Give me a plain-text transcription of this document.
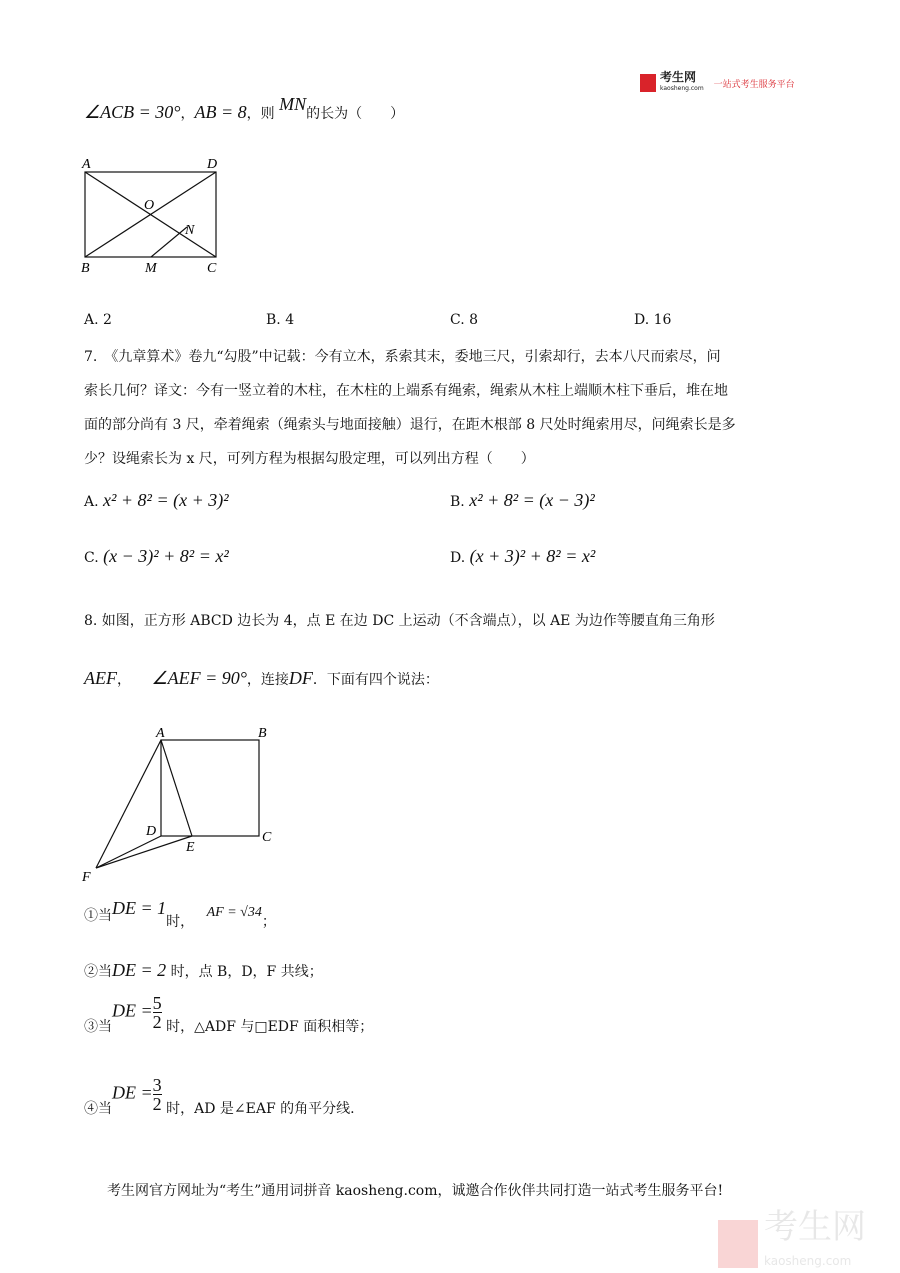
考生网
kaosheng.com 一站式考生服务平台
∠ACB = 30°，AB = 8，则 MN的长为（　　）
A	D
O
N
B	M	C
A. 2	B. 4	C. 8	D. 16
7.　《九章算术》卷九“勾股”中记载：今有立木，系索其末，委地三尺，引索却行，去本八尺而索尽，问
索长几何？译文：今有一竖立着的木柱，在木柱的上端系有绳索，绳索从木柱上端顺木柱下垂后，堆在地
面的部分尚有 3 尺，牵着绳索（绳索头与地面接触）退行，在距木根部 8 尺处时绳索用尽，问绳索长是多
少？设绳索长为 x 尺，可列方程为根据勾股定理，可以列出方程（　　）
A. x² + 8² = (x + 3)²	B. x² + 8² = (x − 3)²
C. (x − 3)² + 8² = x²	D. (x + 3)² + 8² = x²
8. 如图，正方形 ABCD 边长为 4，点 E 在边 DC 上运动（不含端点），以 AE 为边作等腰直角三角形
AEF， ∠AEF = 90°，连接DF．下面有四个说法：
A	B
D	C
E
F
①当DE = 1时， AF = √34；
②当DE = 2 时，点 B，D，F 共线；
③当DE = $\frac{5}{2}$ 时，△ADF 与□EDF 面积相等；
④当DE = $\frac{3}{2}$ 时，AD 是∠EAF 的角平分线.
考生网官方网址为“考生”通用词拼音 kaosheng.com，诚邀合作伙伴共同打造一站式考生服务平台!
考生网
kaosheng.com
